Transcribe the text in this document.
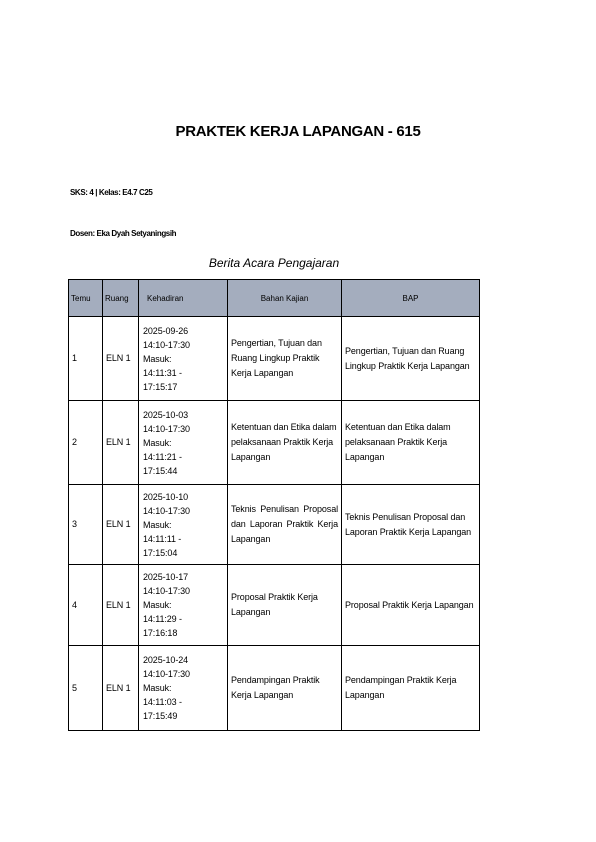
PRAKTEK KERJA LAPANGAN - 615
SKS: 4 | Kelas: E4.7 C25
Dosen: Eka Dyah Setyaningsih
Berita Acara Pengajaran
Temu	Ruang	Kehadiran	Bahan Kajian	BAP
1	ELN 1	2025-09-26
14:10-17:30
Masuk:
14:11:31 -
17:15:17	Pengertian, Tujuan dan Ruang Lingkup Praktik Kerja Lapangan	Pengertian, Tujuan dan Ruang Lingkup Praktik Kerja Lapangan
2	ELN 1	2025-10-03
14:10-17:30
Masuk:
14:11:21 -
17:15:44	Ketentuan dan Etika dalam pelaksanaan Praktik Kerja Lapangan	Ketentuan dan Etika dalam pelaksanaan Praktik Kerja Lapangan
3	ELN 1	2025-10-10
14:10-17:30
Masuk:
14:11:11 -
17:15:04	Teknis Penulisan Proposal dan Laporan Praktik Kerja Lapangan	Teknis Penulisan Proposal dan Laporan Praktik Kerja Lapangan
4	ELN 1	2025-10-17
14:10-17:30
Masuk:
14:11:29 -
17:16:18	Proposal Praktik Kerja Lapangan	Proposal Praktik Kerja Lapangan
5	ELN 1	2025-10-24
14:10-17:30
Masuk:
14:11:03 -
17:15:49	Pendampingan Praktik Kerja Lapangan	Pendampingan Praktik Kerja Lapangan
